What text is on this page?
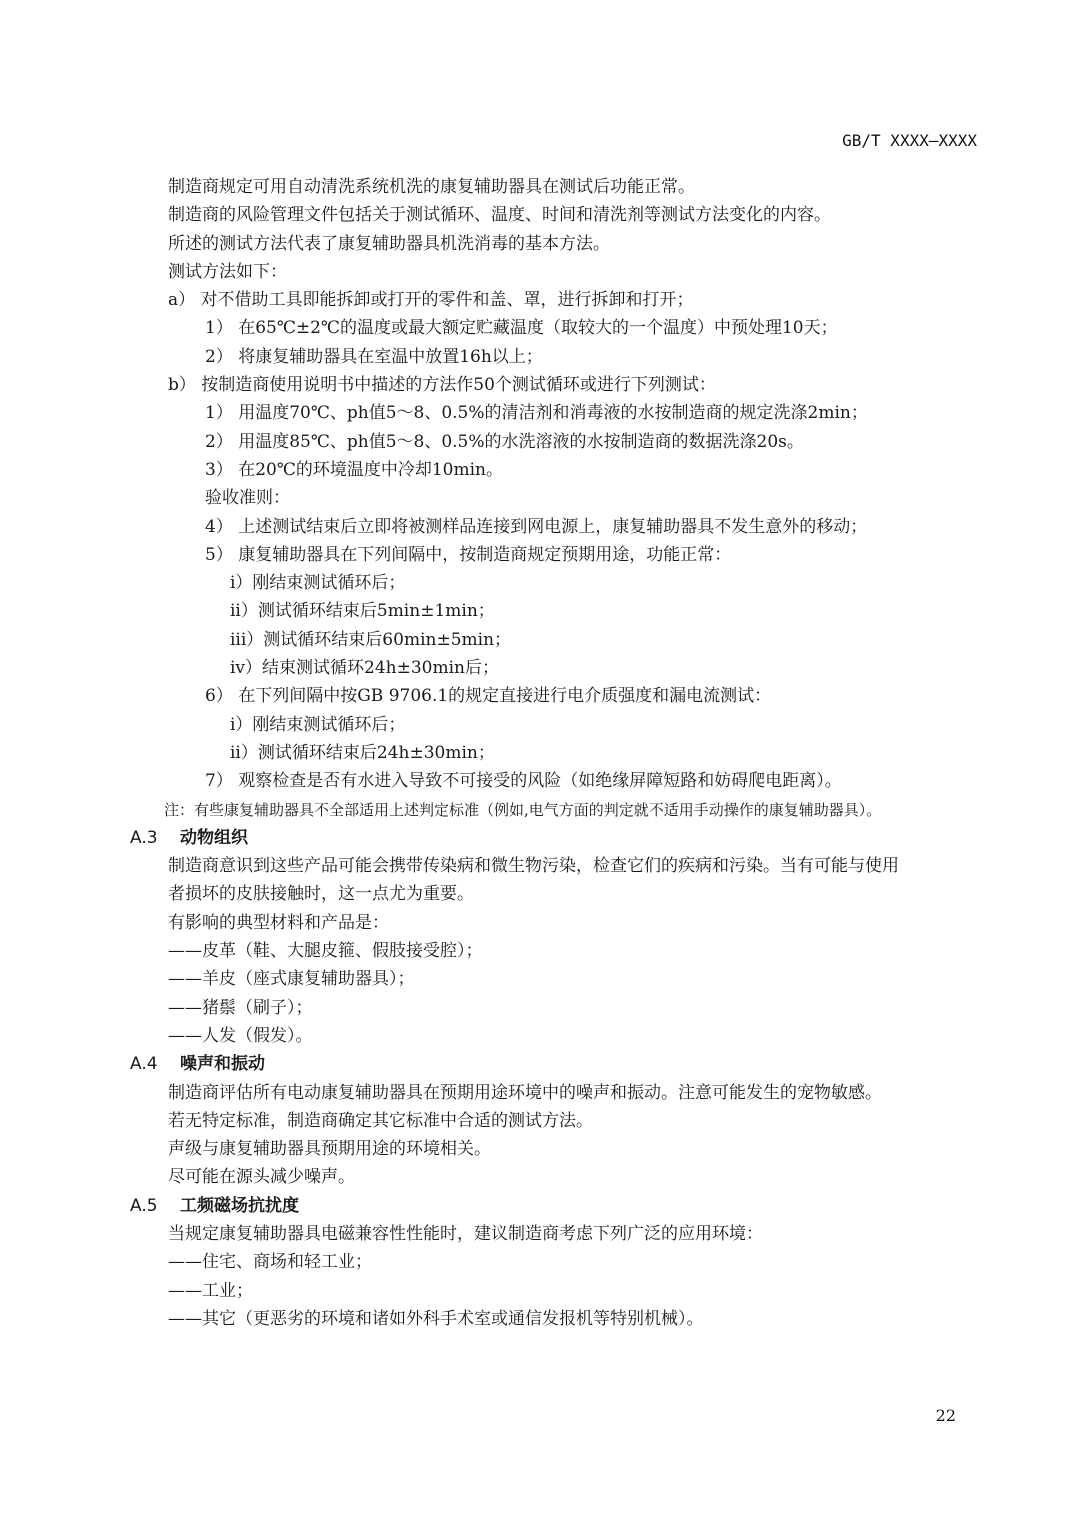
GB/T XXXX—XXXX
制造商规定可用自动清洗系统机洗的康复辅助器具在测试后功能正常。
制造商的风险管理文件包括关于测试循环、温度、时间和清洗剂等测试方法变化的内容。
所述的测试方法代表了康复辅助器具机洗消毒的基本方法。
测试方法如下：
a） 对不借助工具即能拆卸或打开的零件和盖、罩，进行拆卸和打开；
1） 在65℃±2℃的温度或最大额定贮藏温度（取较大的一个温度）中预处理10天；
2） 将康复辅助器具在室温中放置16h以上；
b） 按制造商使用说明书中描述的方法作50个测试循环或进行下列测试：
1） 用温度70℃、ph值5～8、0.5%的清洁剂和消毒液的水按制造商的规定洗涤2min；
2） 用温度85℃、ph值5～8、0.5%的水洗溶液的水按制造商的数据洗涤20s。
3） 在20℃的环境温度中冷却10min。
验收准则：
4） 上述测试结束后立即将被测样品连接到网电源上，康复辅助器具不发生意外的移动；
5） 康复辅助器具在下列间隔中，按制造商规定预期用途，功能正常：
i）刚结束测试循环后；
ii）测试循环结束后5min±1min；
iii）测试循环结束后60min±5min；
iv）结束测试循环24h±30min后；
6） 在下列间隔中按GB 9706.1的规定直接进行电介质强度和漏电流测试：
i）刚结束测试循环后；
ii）测试循环结束后24h±30min；
7） 观察检查是否有水进入导致不可接受的风险（如绝缘屏障短路和妨碍爬电距离）。
注：有些康复辅助器具不全部适用上述判定标准（例如,电气方面的判定就不适用手动操作的康复辅助器具）。
A.3 动物组织
制造商意识到这些产品可能会携带传染病和微生物污染，检查它们的疾病和污染。当有可能与使用
者损坏的皮肤接触时，这一点尤为重要。
有影响的典型材料和产品是：
——皮革（鞋、大腿皮箍、假肢接受腔）；
——羊皮（座式康复辅助器具）；
——猪鬃（刷子）；
——人发（假发）。
A.4 噪声和振动
制造商评估所有电动康复辅助器具在预期用途环境中的噪声和振动。注意可能发生的宠物敏感。
若无特定标准，制造商确定其它标准中合适的测试方法。
声级与康复辅助器具预期用途的环境相关。
尽可能在源头减少噪声。
A.5 工频磁场抗扰度
当规定康复辅助器具电磁兼容性性能时，建议制造商考虑下列广泛的应用环境：
——住宅、商场和轻工业；
——工业；
——其它（更恶劣的环境和诸如外科手术室或通信发报机等特别机械）。
22
